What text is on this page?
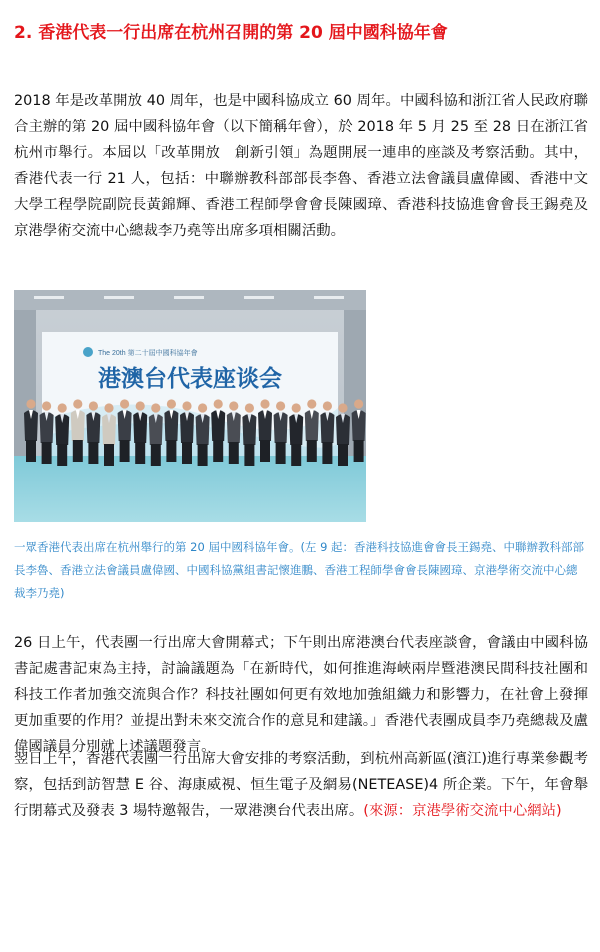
2. 香港代表一行出席在杭州召開的第 20 屆中國科協年會
2018 年是改革開放 40 周年，也是中國科協成立 60 周年。中國科協和浙江省人民政府聯合主辦的第 20 屆中國科協年會（以下簡稱年會），於 2018 年 5 月 25 至 28 日在浙江省杭州市舉行。本屆以「改革開放　創新引領」為題開展一連串的座談及考察活動。其中，香港代表一行 21 人，包括：中聯辦教科部部長李魯、香港立法會議員盧偉國、香港中文大學工程學院副院長黃錦輝、香港工程師學會會長陳國璋、香港科技協進會會長王錫堯及京港學術交流中心總裁李乃堯等出席多項相關活動。
The 20th 第二十屆中國科協年會
港澳台代表座谈会
一眾香港代表出席在杭州舉行的第 20 屆中國科協年會。(左 9 起：香港科技協進會會長王錫堯、中聯辦教科部部長李魯、香港立法會議員盧偉國、中國科協黨組書記懷進鵬、香港工程師學會會長陳國璋、京港學術交流中心總裁李乃堯)
26 日上午，代表團一行出席大會開幕式；下午則出席港澳台代表座談會，會議由中國科協書記處書記束為主持，討論議題為「在新時代，如何推進海峽兩岸暨港澳民間科技社團和科技工作者加強交流與合作？科技社團如何更有效地加強組織力和影響力，在社會上發揮更加重要的作用？並提出對未來交流合作的意見和建議。」香港代表團成員李乃堯總裁及盧偉國議員分別就上述議題發言。
翌日上午，香港代表團一行出席大會安排的考察活動，到杭州高新區(濱江)進行專業參觀考察，包括到訪智慧 E 谷、海康威視、恒生電子及網易(NETEASE)4 所企業。下午，年會舉行閉幕式及發表 3 場特邀報告，一眾港澳台代表出席。(來源：京港學術交流中心網站)
